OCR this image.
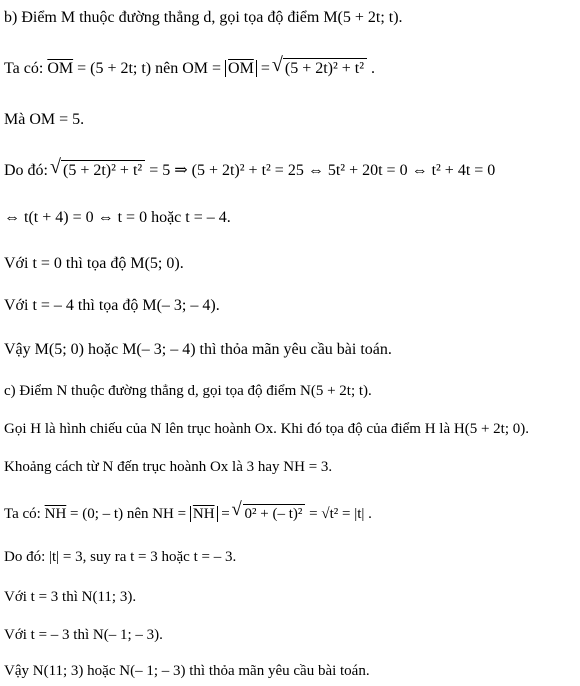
b) Điểm M thuộc đường thẳng d, gọi tọa độ điểm M(5 + 2t; t).
Ta có: $\overline{OM} = (5 + 2t$; t) nên OM = $\overline{OM}$ = √ (5 + 2t)² + t² .
Mà OM = 5.
Do đó: √ (5 + 2t)² + t² = 5 ⇒ (5 + 2t)² + t² = 25 ⇔ 5t² + 20t = 0 ⇔ t² + 4t = 0
⇔ t(t + 4) = 0 ⇔ t = 0 hoặc t = – 4.
Với t = 0 thì tọa độ M(5; 0).
Với t = – 4 thì tọa độ M(– 3; – 4).
Vậy M(5; 0) hoặc M(– 3; – 4) thì thỏa mãn yêu cầu bài toán.
c) Điểm N thuộc đường thẳng d, gọi tọa độ điểm N(5 + 2t; t).
Gọi H là hình chiếu của N lên trục hoành Ox. Khi đó tọa độ của điểm H là H(5 + 2t; 0).
Khoảng cách từ N đến trục hoành Ox là 3 hay NH = 3.
Ta có: $\overline{NH} = (0$; – t) nên NH = $\overline{NH}$ = √ 0² + (– t)² = √t² = |t| .
Do đó: |t| = 3, suy ra t = 3 hoặc t = – 3.
Với t = 3 thì N(11; 3).
Với t = – 3 thì N(– 1; – 3).
Vậy N(11; 3) hoặc N(– 1; – 3) thì thỏa mãn yêu cầu bài toán.
